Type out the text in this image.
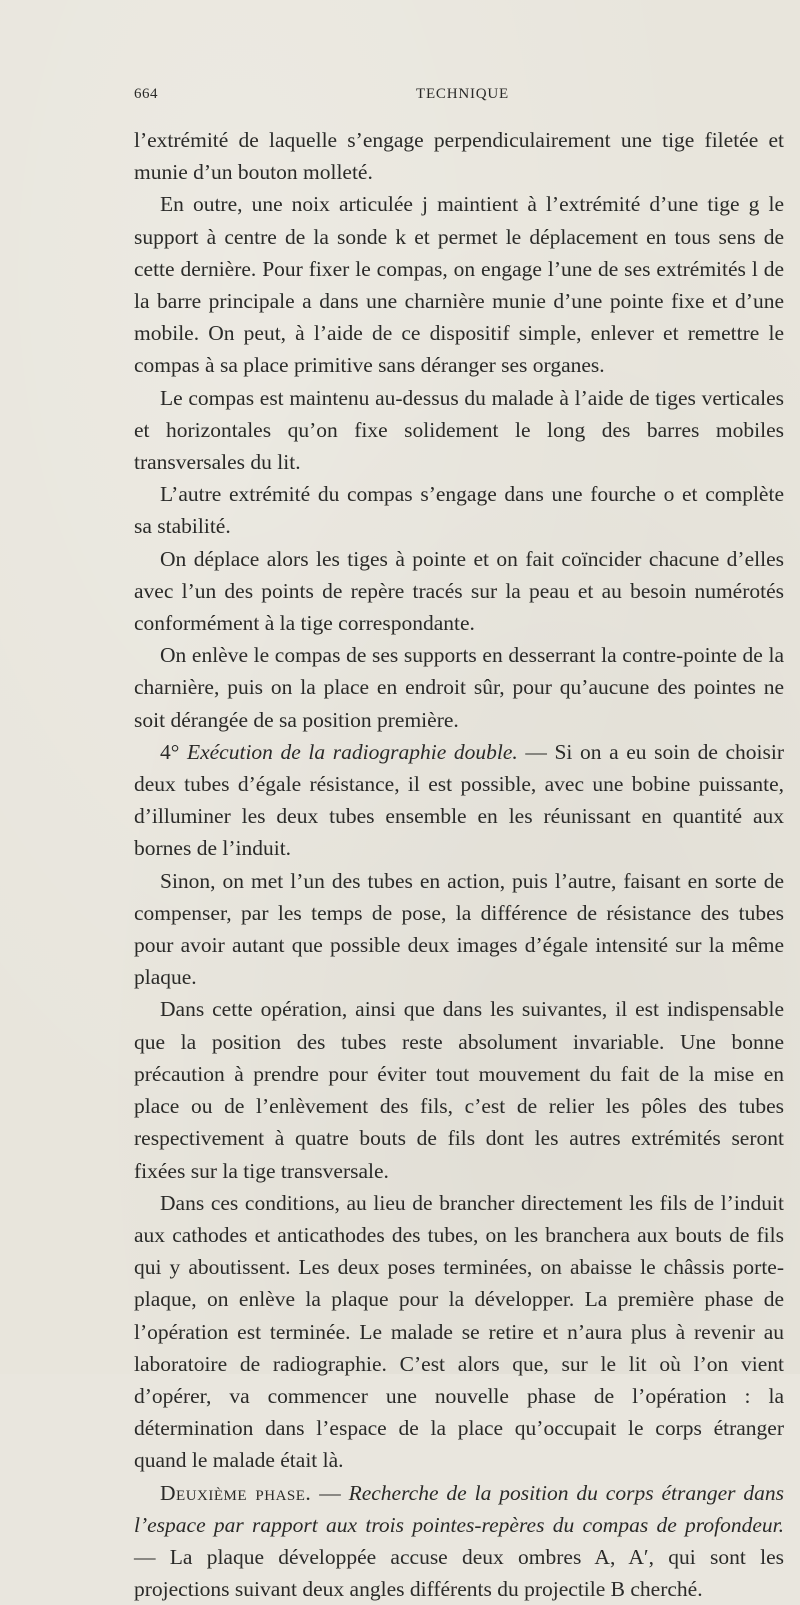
664	TECHNIQUE

l’extrémité de laquelle s’engage perpendiculairement une tige filetée et munie d’un bouton molleté.

En outre, une noix articulée j maintient à l’extrémité d’une tige g le support à centre de la sonde k et permet le déplacement en tous sens de cette dernière. Pour fixer le compas, on engage l’une de ses extrémités l de la barre principale a dans une charnière munie d’une pointe fixe et d’une mobile. On peut, à l’aide de ce dispositif simple, enlever et remettre le compas à sa place primitive sans déranger ses organes.

Le compas est maintenu au-dessus du malade à l’aide de tiges verticales et horizontales qu’on fixe solidement le long des barres mobiles transversales du lit.

L’autre extrémité du compas s’engage dans une fourche o et complète sa stabilité.

On déplace alors les tiges à pointe et on fait coïncider chacune d’elles avec l’un des points de repère tracés sur la peau et au besoin numérotés conformément à la tige correspondante.

On enlève le compas de ses supports en desserrant la contre-pointe de la charnière, puis on la place en endroit sûr, pour qu’aucune des pointes ne soit dérangée de sa position première.

4° Exécution de la radiographie double. — Si on a eu soin de choisir deux tubes d’égale résistance, il est possible, avec une bobine puissante, d’illuminer les deux tubes ensemble en les réunissant en quantité aux bornes de l’induit.

Sinon, on met l’un des tubes en action, puis l’autre, faisant en sorte de compenser, par les temps de pose, la différence de résistance des tubes pour avoir autant que possible deux images d’égale intensité sur la même plaque.

Dans cette opération, ainsi que dans les suivantes, il est indispensable que la position des tubes reste absolument invariable. Une bonne précaution à prendre pour éviter tout mouvement du fait de la mise en place ou de l’enlèvement des fils, c’est de relier les pôles des tubes respectivement à quatre bouts de fils dont les autres extrémités seront fixées sur la tige transversale.

Dans ces conditions, au lieu de brancher directement les fils de l’induit aux cathodes et anticathodes des tubes, on les branchera aux bouts de fils qui y aboutissent. Les deux poses terminées, on abaisse le châssis porte-plaque, on enlève la plaque pour la développer. La première phase de l’opération est terminée. Le malade se retire et n’aura plus à revenir au laboratoire de radiographie. C’est alors que, sur le lit où l’on vient d’opérer, va commencer une nouvelle phase de l’opération : la détermination dans l’espace de la place qu’occupait le corps étranger quand le malade était là.

Deuxième phase. — Recherche de la position du corps étranger dans l’espace par rapport aux trois pointes-repères du compas de profondeur. — La plaque développée accuse deux ombres A, A′, qui sont les projections suivant deux angles différents du projectile B cherché.
